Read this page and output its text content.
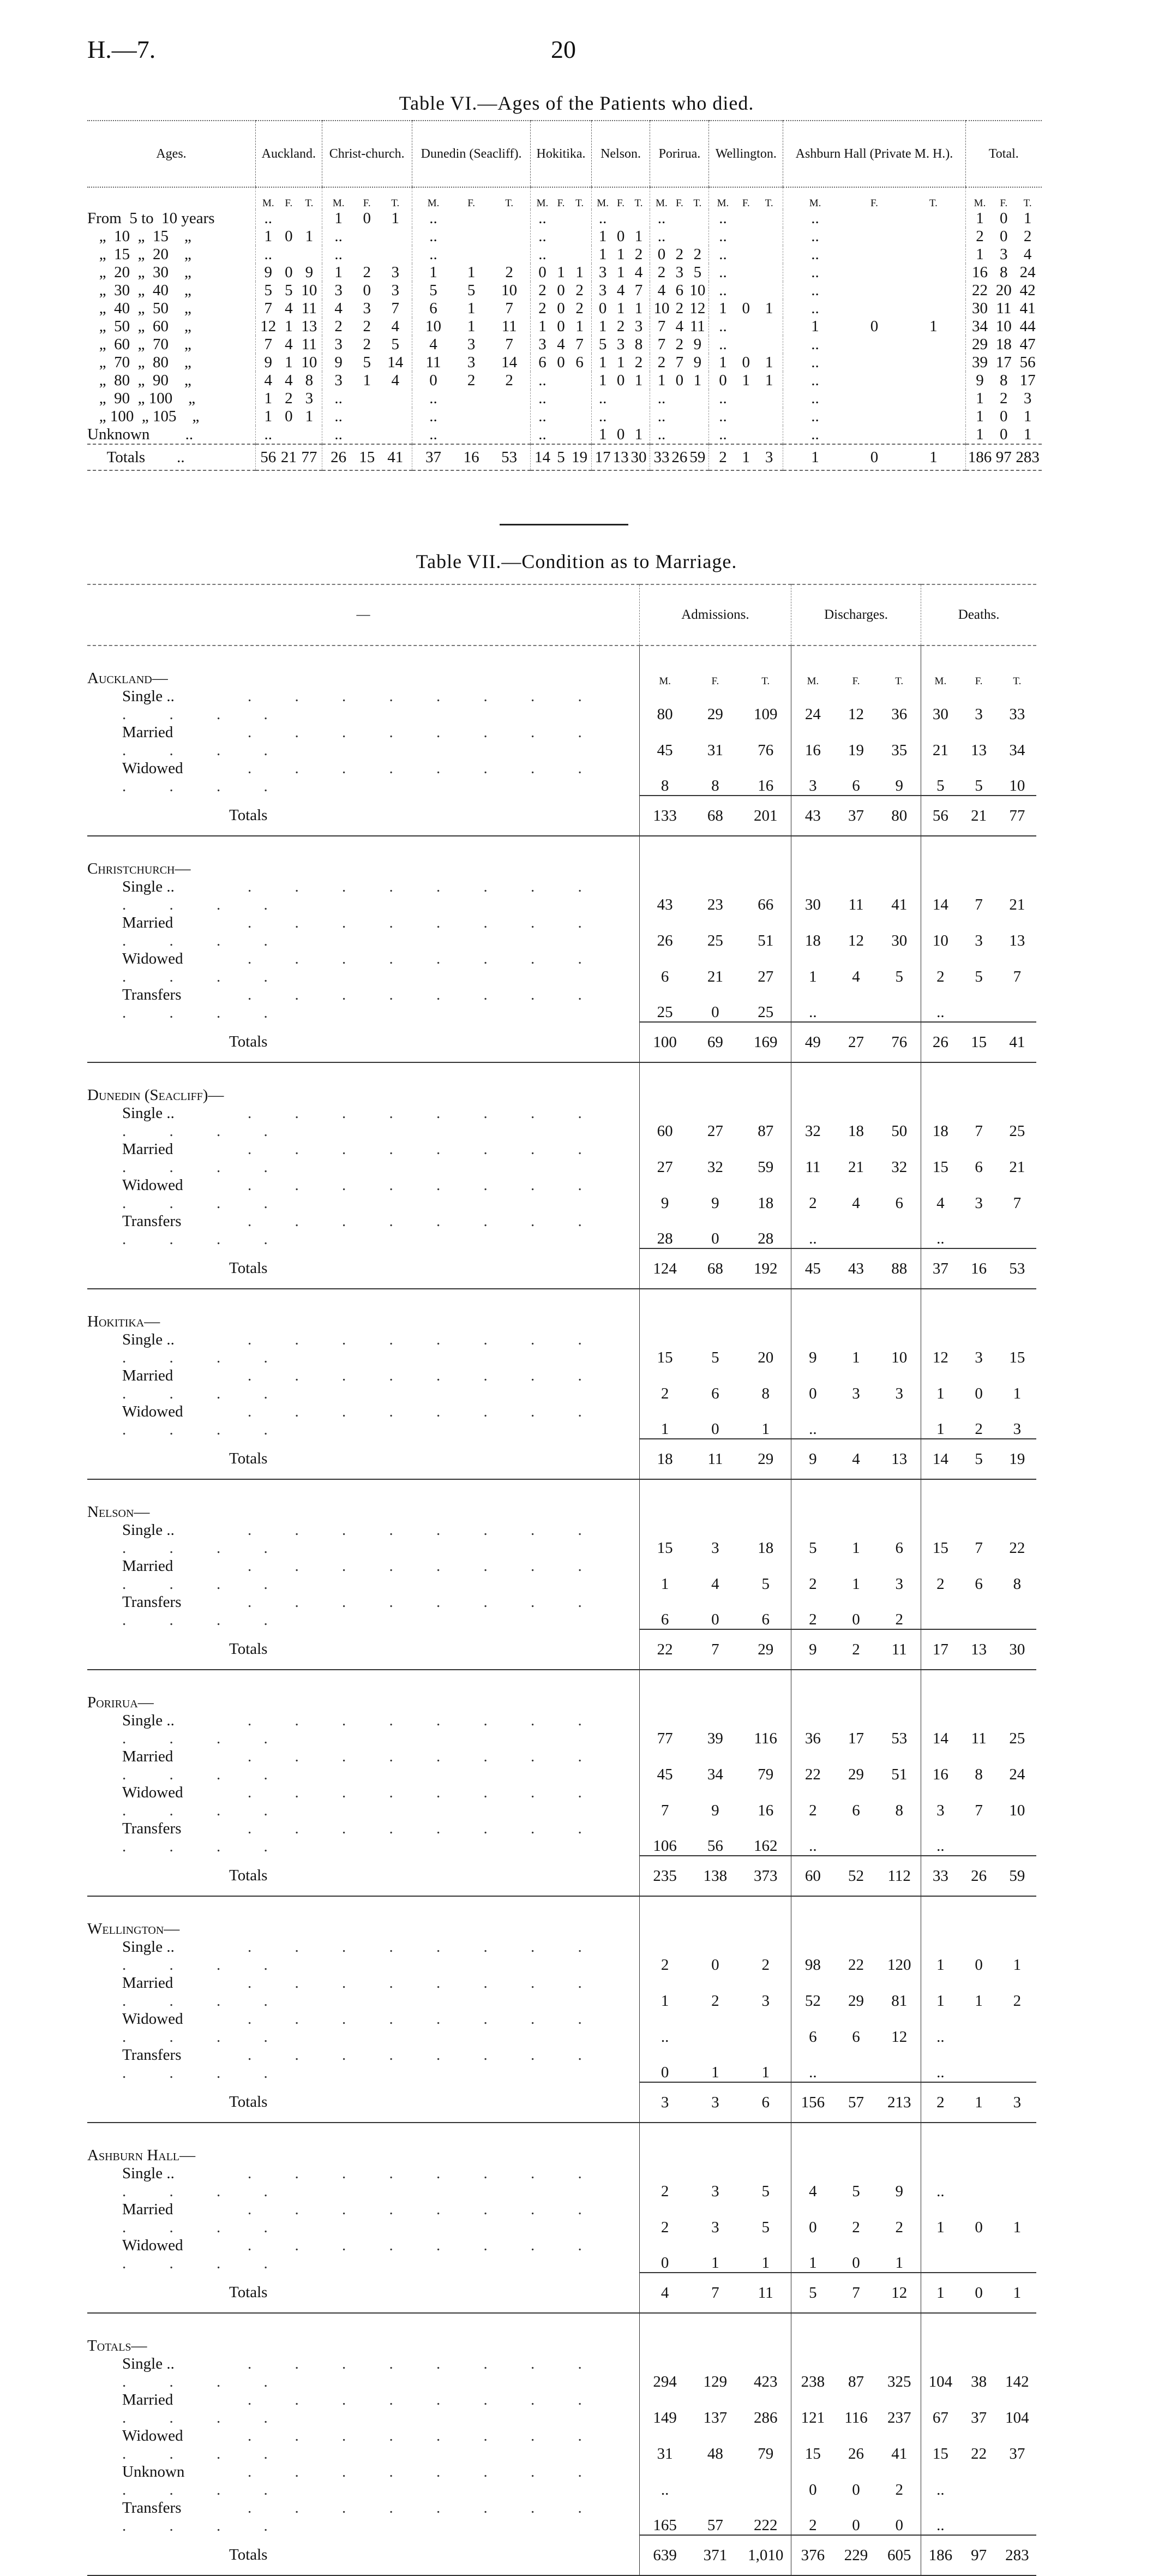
H.—7.	20
Table VI.—Ages of the Patients who died.
Ages.	Auckland.	Christ-church.	Dunedin (Seacliff).	Hokitika.	Nelson.	Porirua.	Wellington.	Ashburn Hall (Private M. H.).	Total.

	M. F. T.	M. F. T.	M. F. T.	M. F. T.	M. F. T.	M. F. T.	M. F. T.	M. F. T.	M. F. T.

From  5 to  10 years	..	1 0 1	..	..	..	..	..	..	1 0 1

„  10  „  15    „	1 0 1	..	..	..	1 0 1	..	..	..	2 0 2

„  15  „  20    „	..	..	..	..	1 1 2	0 2 2	..	..	1 3 4

„  20  „  30    „	9 0 9	1 2 3	1 1 2	0 1 1	3 1 4	2 3 5	..	..	16 8 24

„  30  „  40    „	5 5 10	3 0 3	5 5 10	2 0 2	3 4 7	4 6 10	..	..	22 20 42

„  40  „  50    „	7 4 11	4 3 7	6 1 7	2 0 2	0 1 1	10 2 12	1 0 1	..	30 11 41

„  50  „  60    „	12 1 13	2 2 4	10 1 11	1 0 1	1 2 3	7 4 11	..	1 0 1	34 10 44

„  60  „  70    „	7 4 11	3 2 5	4 3 7	3 4 7	5 3 8	7 2 9	..	..	29 18 47

„  70  „  80    „	9 1 10	9 5 14	11 3 14	6 0 6	1 1 2	2 7 9	1 0 1	..	39 17 56

„  80  „  90    „	4 4 8	3 1 4	0 2 2	..	1 0 1	1 0 1	0 1 1	..	9 8 17

„  90  „ 100    „	1 2 3	..	..	..	..	..	..	..	1 2 3

„ 100  „ 105    „	1 0 1	..	..	..	..	..	..	..	1 0 1

Unknown         ..	..	..	..	..	1 0 1	..	..	..	1 0 1

Totals        ..	56 21 77	26 15 41	37 16 53	14 5 19	17 13 30	33 26 59	2 1 3	1 0 1	186 97 283
Table VII.—Condition as to Marriage.
—	Admissions.	Discharges.	Deaths.
Auckland—	M. F. T.	M. F. T.	M. F. T.

Single .. . . . . . . . . . . . .	80 29 109	24 12 36	30 3 33

Married . . . . . . . . . . . .	45 31 76	16 19 35	21 13 34

Widowed . . . . . . . . . . . .	8 8 16	3 6 9	5 5 10

Totals	133 68 201	43 37 80	56 21 77

Christchurch—			
Single .. . . . . . . . . . . . .	43 23 66	30 11 41	14 7 21

Married . . . . . . . . . . . .	26 25 51	18 12 30	10 3 13

Widowed . . . . . . . . . . . .	6 21 27	1 4 5	2 5 7

Transfers . . . . . . . . . . . .	25 0 25	..	..

Totals	100 69 169	49 27 76	26 15 41

Dunedin (Seacliff)—			
Single .. . . . . . . . . . . . .	60 27 87	32 18 50	18 7 25

Married . . . . . . . . . . . .	27 32 59	11 21 32	15 6 21

Widowed . . . . . . . . . . . .	9 9 18	2 4 6	4 3 7

Transfers . . . . . . . . . . . .	28 0 28	..	..

Totals	124 68 192	45 43 88	37 16 53

Hokitika—			
Single .. . . . . . . . . . . . .	15 5 20	9 1 10	12 3 15

Married . . . . . . . . . . . .	2 6 8	0 3 3	1 0 1

Widowed . . . . . . . . . . . .	1 0 1	..	1 2 3

Totals	18 11 29	9 4 13	14 5 19

Nelson—			
Single .. . . . . . . . . . . . .	15 3 18	5 1 6	15 7 22

Married . . . . . . . . . . . .	1 4 5	2 1 3	2 6 8

Transfers . . . . . . . . . . . .	6 0 6	2 0 2	

Totals	22 7 29	9 2 11	17 13 30

Porirua—			
Single .. . . . . . . . . . . . .	77 39 116	36 17 53	14 11 25

Married . . . . . . . . . . . .	45 34 79	22 29 51	16 8 24

Widowed . . . . . . . . . . . .	7 9 16	2 6 8	3 7 10

Transfers . . . . . . . . . . . .	106 56 162	..	..

Totals	235 138 373	60 52 112	33 26 59

Wellington—			
Single .. . . . . . . . . . . . .	2 0 2	98 22 120	1 0 1

Married . . . . . . . . . . . .	1 2 3	52 29 81	1 1 2

Widowed . . . . . . . . . . . .	..	6 6 12	..

Transfers . . . . . . . . . . . .	0 1 1	..	..

Totals	3 3 6	156 57 213	2 1 3

Ashburn Hall—			
Single .. . . . . . . . . . . . .	2 3 5	4 5 9	..

Married . . . . . . . . . . . .	2 3 5	0 2 2	1 0 1

Widowed . . . . . . . . . . . .	0 1 1	1 0 1	

Totals	4 7 11	5 7 12	1 0 1

Totals—			
Single .. . . . . . . . . . . . .	294 129 423	238 87 325	104 38 142

Married . . . . . . . . . . . .	149 137 286	121 116 237	67 37 104

Widowed . . . . . . . . . . . .	31 48 79	15 26 41	15 22 37

Unknown . . . . . . . . . . . .	..	0 0 2	..

Transfers . . . . . . . . . . . .	165 57 222	2 0 0	..

Totals	639 371 1,010	376 229 605	186 97 283
